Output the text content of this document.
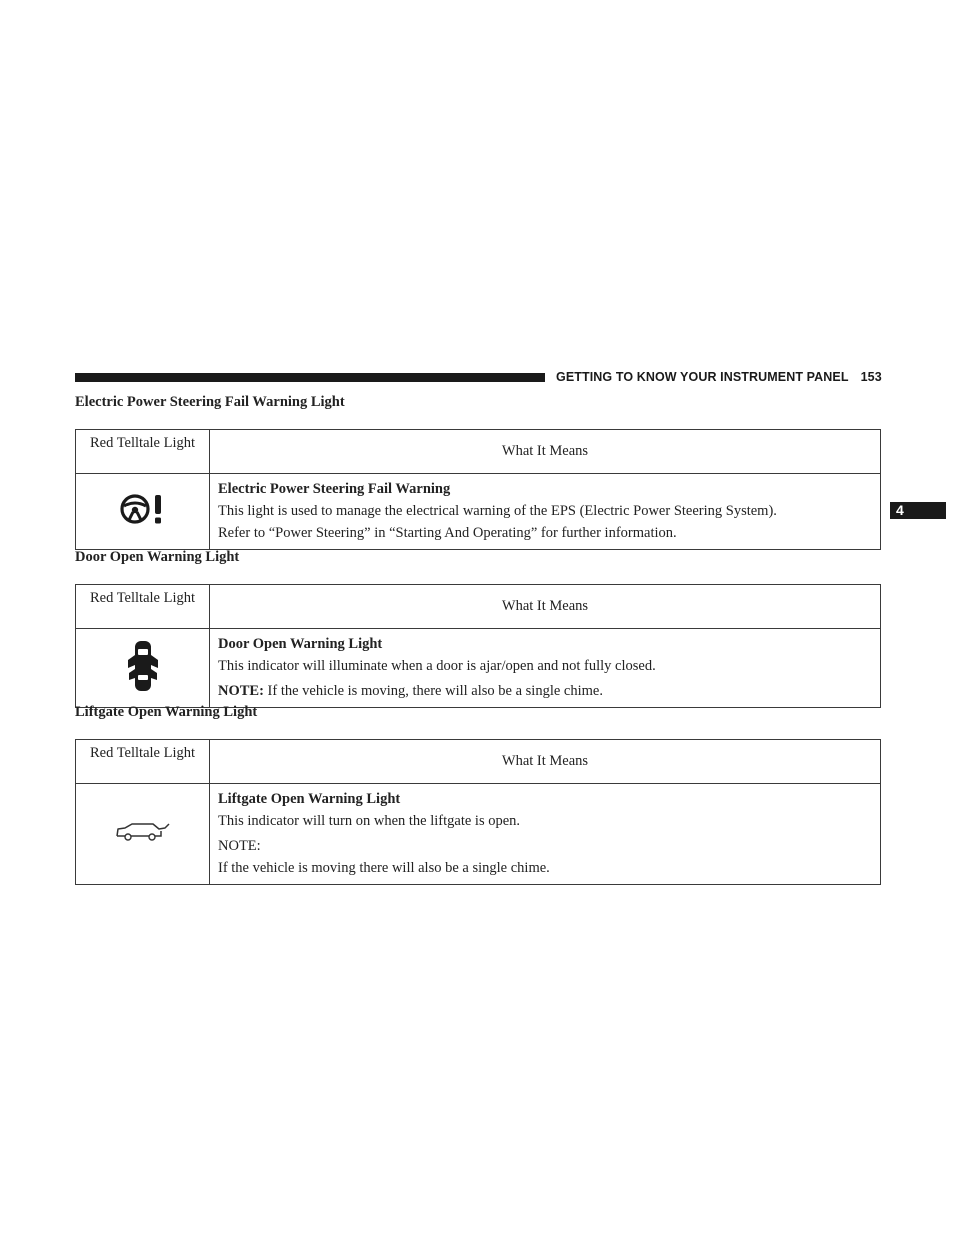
GETTING TO KNOW YOUR INSTRUMENT PANEL 153
4
Electric Power Steering Fail Warning Light
Red Telltale Light	What It Means

Electric Power Steering Fail Warning
This light is used to manage the electrical warning of the EPS (Electric Power Steering System).
Refer to “Power Steering” in “Starting And Operating” for further information.
Door Open Warning Light
Red Telltale Light	What It Means

Door Open Warning Light
This indicator will illuminate when a door is ajar/open and not fully closed.
NOTE: If the vehicle is moving, there will also be a single chime.
Liftgate Open Warning Light
Red Telltale Light	What It Means

Liftgate Open Warning Light
This indicator will turn on when the liftgate is open.
NOTE:
If the vehicle is moving there will also be a single chime.
